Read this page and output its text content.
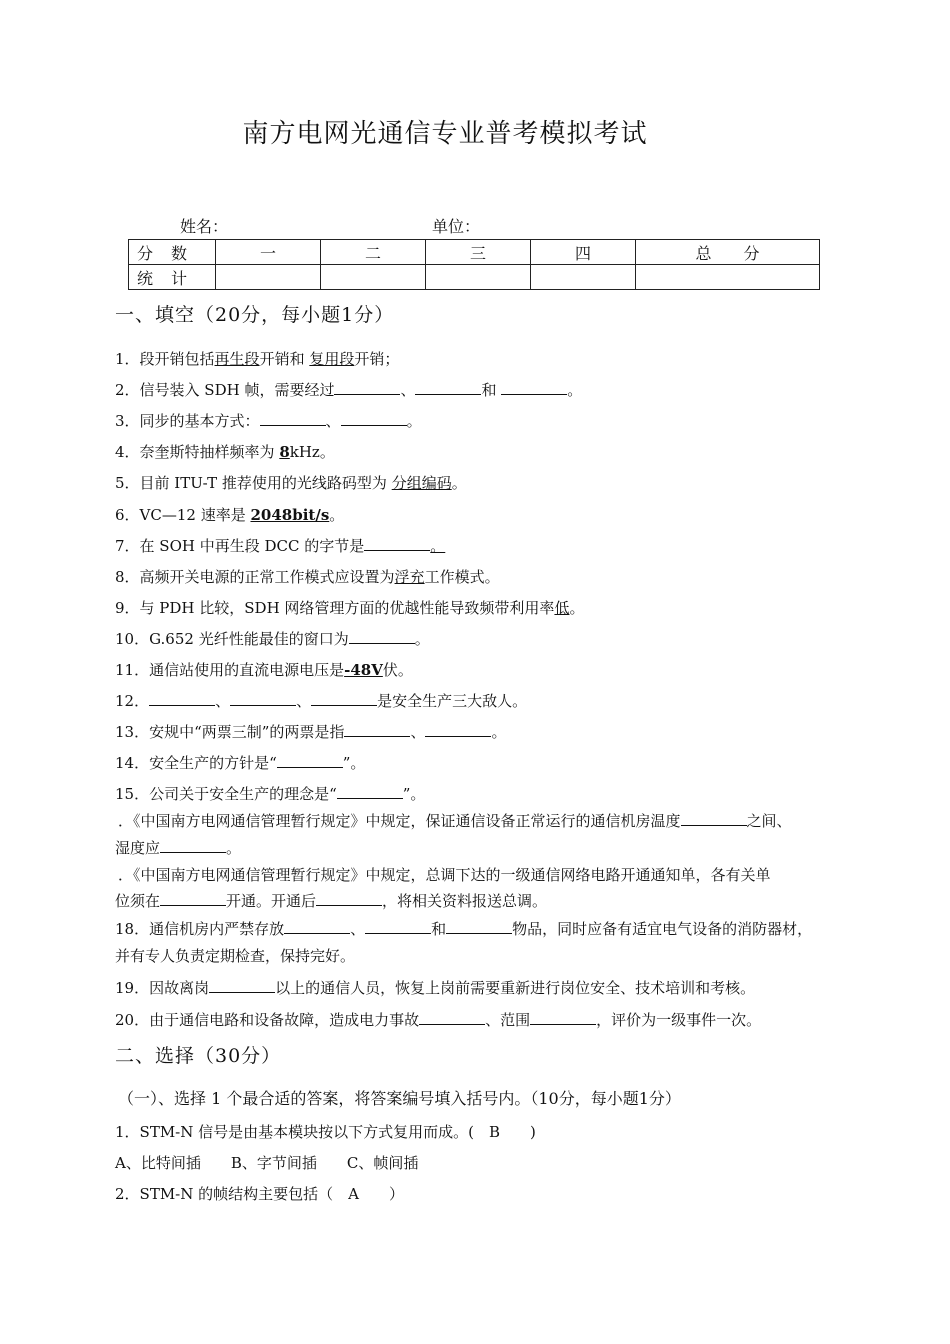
南方电网光通信专业普考模拟考试
姓名：	单位：
分数	一	二	三	四	总　　分
统计					
一、填空（20分，每小题1分）
1．段开销包括再生段开销和 复用段开销；
2．信号装入 SDH 帧，需要经过	、	和	。
3．同步的基本方式：	、	。
4．奈奎斯特抽样频率为 8kHz。
5．目前 ITU-T 推荐使用的光线路码型为 分组编码。
6．VC—12 速率是 2048bit/s。
7．在 SOH 中再生段 DCC 的字节是	。
8．高频开关电源的正常工作模式应设置为浮充工作模式。
9．与 PDH 比较，SDH 网络管理方面的优越性能导致频带利用率低。
10．G.652 光纤性能最佳的窗口为	。
11．通信站使用的直流电源电压是-48V伏。
12．	、	、	是安全生产三大敌人。
13．安规中“两票三制”的两票是指	、	。
14．安全生产的方针是“	”。
15．公司关于安全生产的理念是“	”。
．《中国南方电网通信管理暂行规定》中规定，保证通信设备正常运行的通信机房温度	之间、
湿度应	。
．《中国南方电网通信管理暂行规定》中规定，总调下达的一级通信网络电路开通通知单，各有关单
位须在	开通。开通后	，将相关资料报送总调。
18．通信机房内严禁存放	、	和	物品，同时应备有适宜电气设备的消防器材，
并有专人负责定期检查，保持完好。
19．因故离岗	以上的通信人员，恢复上岗前需要重新进行岗位安全、技术培训和考核。
20．由于通信电路和设备故障，造成电力事故	、范围	，评价为一级事件一次。
二、选择（30分）
（一）、选择 1 个最合适的答案，将答案编号填入括号内。（10分，每小题1分）
1．STM-N 信号是由基本模块按以下方式复用而成。(　B　　)
A、比特间插　　B、字节间插　　C、帧间插
2．STM-N 的帧结构主要包括（　A　　）
